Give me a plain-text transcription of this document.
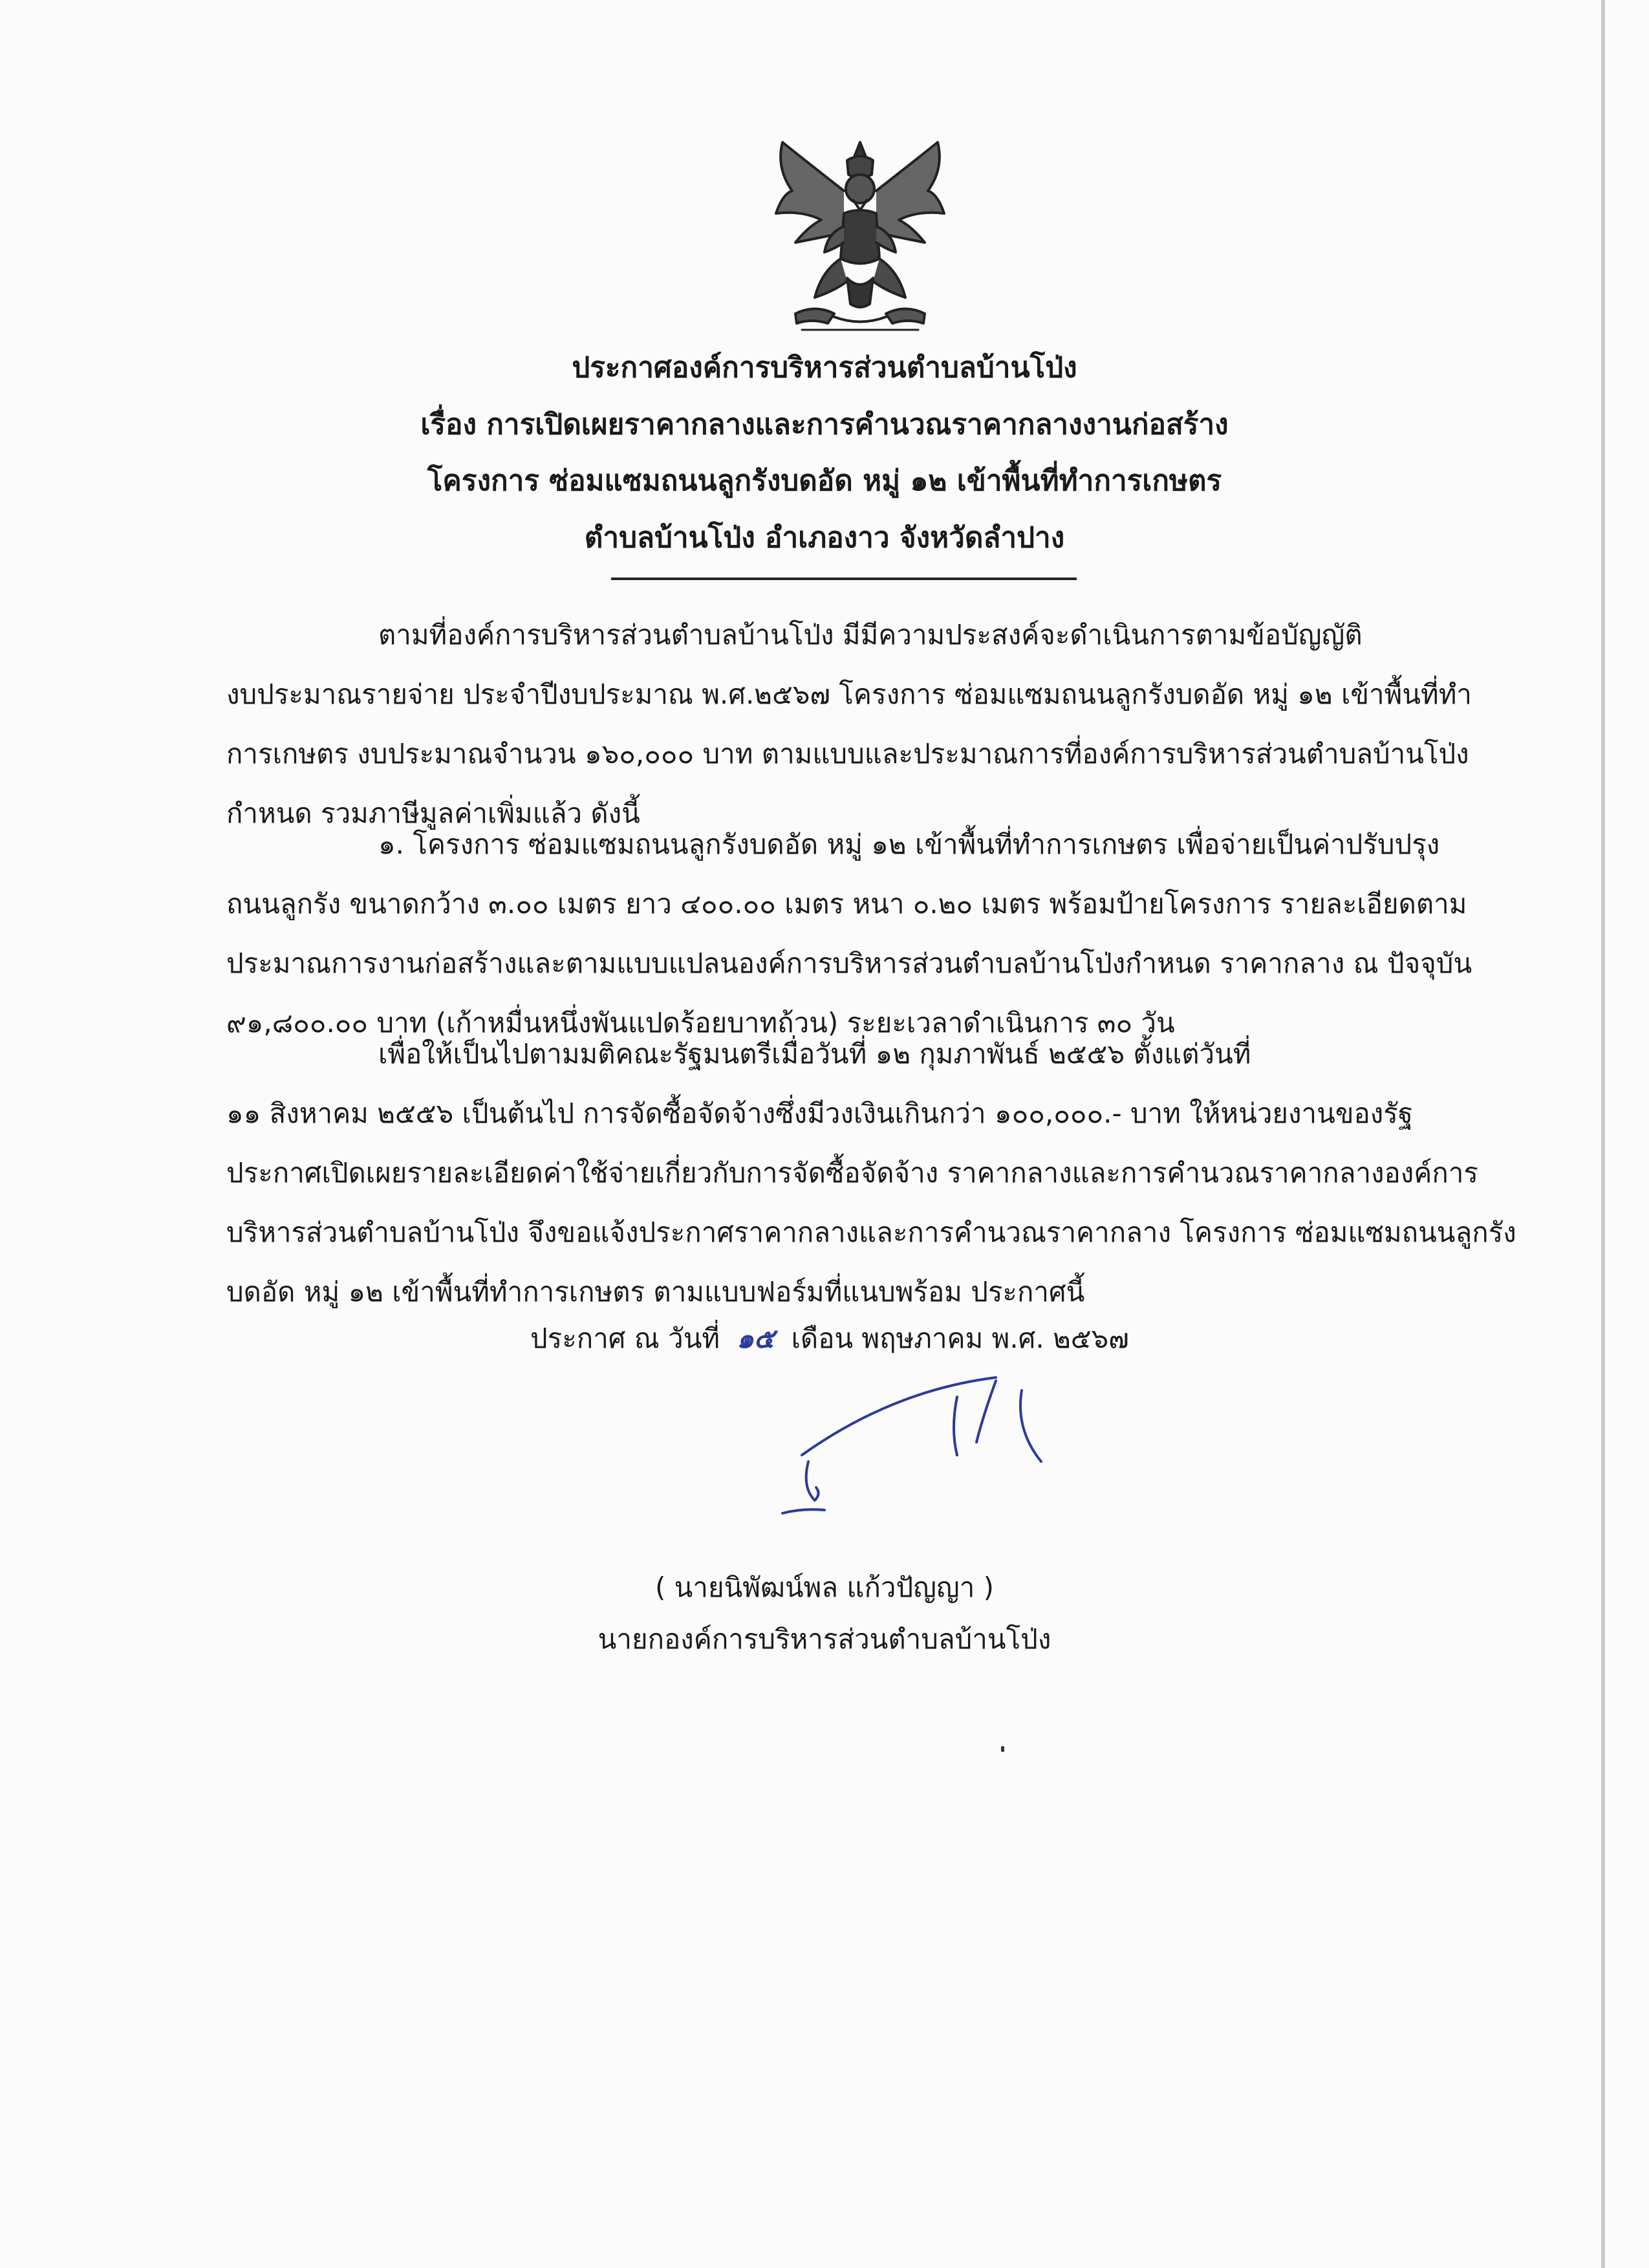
ประกาศองค์การบริหารส่วนตำบลบ้านโป่ง
เรื่อง การเปิดเผยราคากลางและการคำนวณราคากลางงานก่อสร้าง
โครงการ ซ่อมแซมถนนลูกรังบดอัด หมู่ ๑๒ เข้าพื้นที่ทำการเกษตร
ตำบลบ้านโป่ง อำเภองาว จังหวัดลำปาง
ตามที่องค์การบริหารส่วนตำบลบ้านโป่ง มีมีความประสงค์จะดำเนินการตามข้อบัญญัติ
งบประมาณรายจ่าย ประจำปีงบประมาณ พ.ศ.๒๕๖๗ โครงการ ซ่อมแซมถนนลูกรังบดอัด หมู่ ๑๒ เข้าพื้นที่ทำ
การเกษตร งบประมาณจำนวน ๑๖๐,๐๐๐ บาท ตามแบบและประมาณการที่องค์การบริหารส่วนตำบลบ้านโป่ง
กำหนด รวมภาษีมูลค่าเพิ่มแล้ว ดังนี้
๑. โครงการ ซ่อมแซมถนนลูกรังบดอัด หมู่ ๑๒ เข้าพื้นที่ทำการเกษตร เพื่อจ่ายเป็นค่าปรับปรุง
ถนนลูกรัง ขนาดกว้าง ๓.๐๐ เมตร ยาว ๔๐๐.๐๐ เมตร หนา ๐.๒๐ เมตร พร้อมป้ายโครงการ รายละเอียดตาม
ประมาณการงานก่อสร้างและตามแบบแปลนองค์การบริหารส่วนตำบลบ้านโป่งกำหนด ราคากลาง ณ ปัจจุบัน
๙๑,๘๐๐.๐๐ บาท (เก้าหมื่นหนึ่งพันแปดร้อยบาทถ้วน) ระยะเวลาดำเนินการ ๓๐ วัน
เพื่อให้เป็นไปตามมติคณะรัฐมนตรีเมื่อวันที่ ๑๒ กุมภาพันธ์ ๒๕๕๖ ตั้งแต่วันที่
๑๑ สิงหาคม ๒๕๕๖ เป็นต้นไป การจัดซื้อจัดจ้างซึ่งมีวงเงินเกินกว่า ๑๐๐,๐๐๐.- บาท ให้หน่วยงานของรัฐ
ประกาศเปิดเผยรายละเอียดค่าใช้จ่ายเกี่ยวกับการจัดซื้อจัดจ้าง ราคากลางและการคำนวณราคากลางองค์การ
บริหารส่วนตำบลบ้านโป่ง จึงขอแจ้งประกาศราคากลางและการคำนวณราคากลาง โครงการ ซ่อมแซมถนนลูกรัง
บดอัด หมู่ ๑๒ เข้าพื้นที่ทำการเกษตร ตามแบบฟอร์มที่แนบพร้อม ประกาศนี้
ประกาศ ณ วันที่ ๑๕ เดือน พฤษภาคม พ.ศ. ๒๕๖๗
( นายนิพัฒน์พล แก้วปัญญา )
นายกองค์การบริหารส่วนตำบลบ้านโป่ง
